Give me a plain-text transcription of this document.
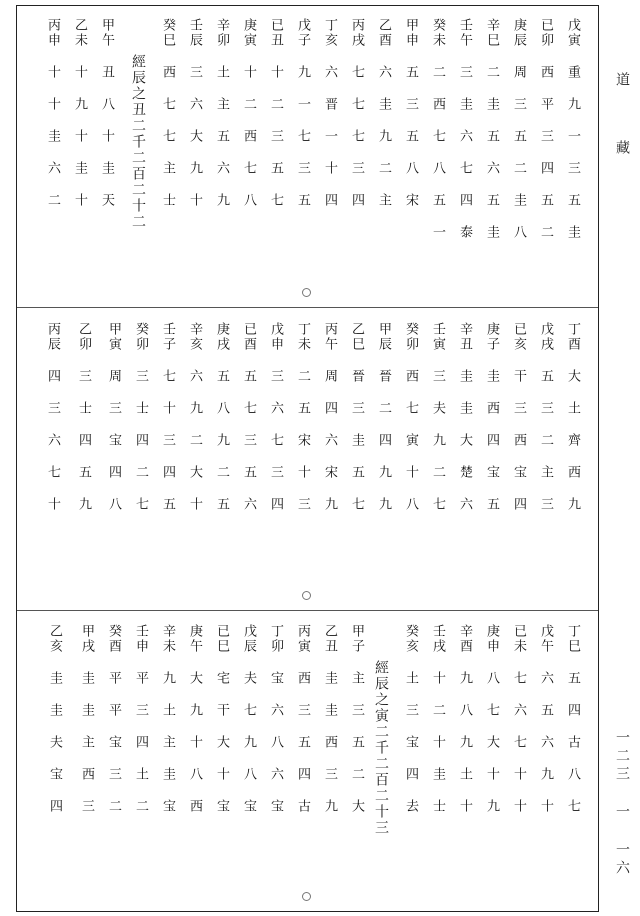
戊寅 重 九 一 三 五 圭
已卯 西 平 三 四 五 二
庚辰 周 三 五 二 圭 八
辛巳 二 圭 五 六 五 圭
壬午 三 圭 六 七 四 泰
癸未 二 西 七 八 五 一
甲申 五 三 五 八 宋
乙酉 六 圭 九 二 主
丙戌 七 七 七 三 四
丁亥 六 晋 一 十 四
戊子 九 一 七 三 五
已丑 十 二 三 五 七
庚寅 十 二 西 七 八
辛卯 土 主 五 六 九
壬辰 三 六 大 九 十
癸巳 西 七 七 主 士
經辰之丑二千二百二十二
甲午 丑 八 十 圭 天
乙未 十 九 十 圭 十
丙申 十 十 圭 六 二
丁酉 大 土 齊 西 九
戊戌 五 三 二 主 三
已亥 干 三 西 宝 四
庚子 圭 西 四 宝 五
辛丑 圭 圭 大 楚 六
壬寅 三 夫 九 二 七
癸卯 西 七 寅 十 八
甲辰 晉 二 四 九 九
乙巳 晉 三 圭 五 七
丙午 周 四 六 宋 九
丁未 二 五 宋 十 三
戊申 三 六 七 三 四
已酉 五 七 三 五 六
庚戌 五 八 九 二 五
辛亥 六 九 二 大 十
壬子 七 十 三 四 五
癸卯 三 士 四 二 七
甲寅 周 三 宝 四 八
乙卯 三 士 四 五 九
丙辰 四 三 六 七 十
丁巳 五 四 古 八 七
戊午 六 五 六 九 十
已未 七 六 七 十 十
庚申 八 七 大 十 九
辛酉 九 八 九 土 十
壬戌 十 二 十 圭 士
癸亥 土 三 宝 四 去
經辰之寅二千二百二十三
甲子 主 三 五 二 大
乙丑 圭 圭 西 三 九
丙寅 西 三 五 四 古
丁卯 宝 六 八 六 宝
戊辰 夫 七 九 八 宝
已巳 宅 干 大 十 宝
庚午 大 九 十 八 西
辛未 九 土 主 圭 宝
壬申 平 三 四 土 二
癸酉 平 平 宝 三 二
甲戌 圭 圭 主 西 三
乙亥 圭 圭 夫 宝 四
道
藏
一二三 一 一六
